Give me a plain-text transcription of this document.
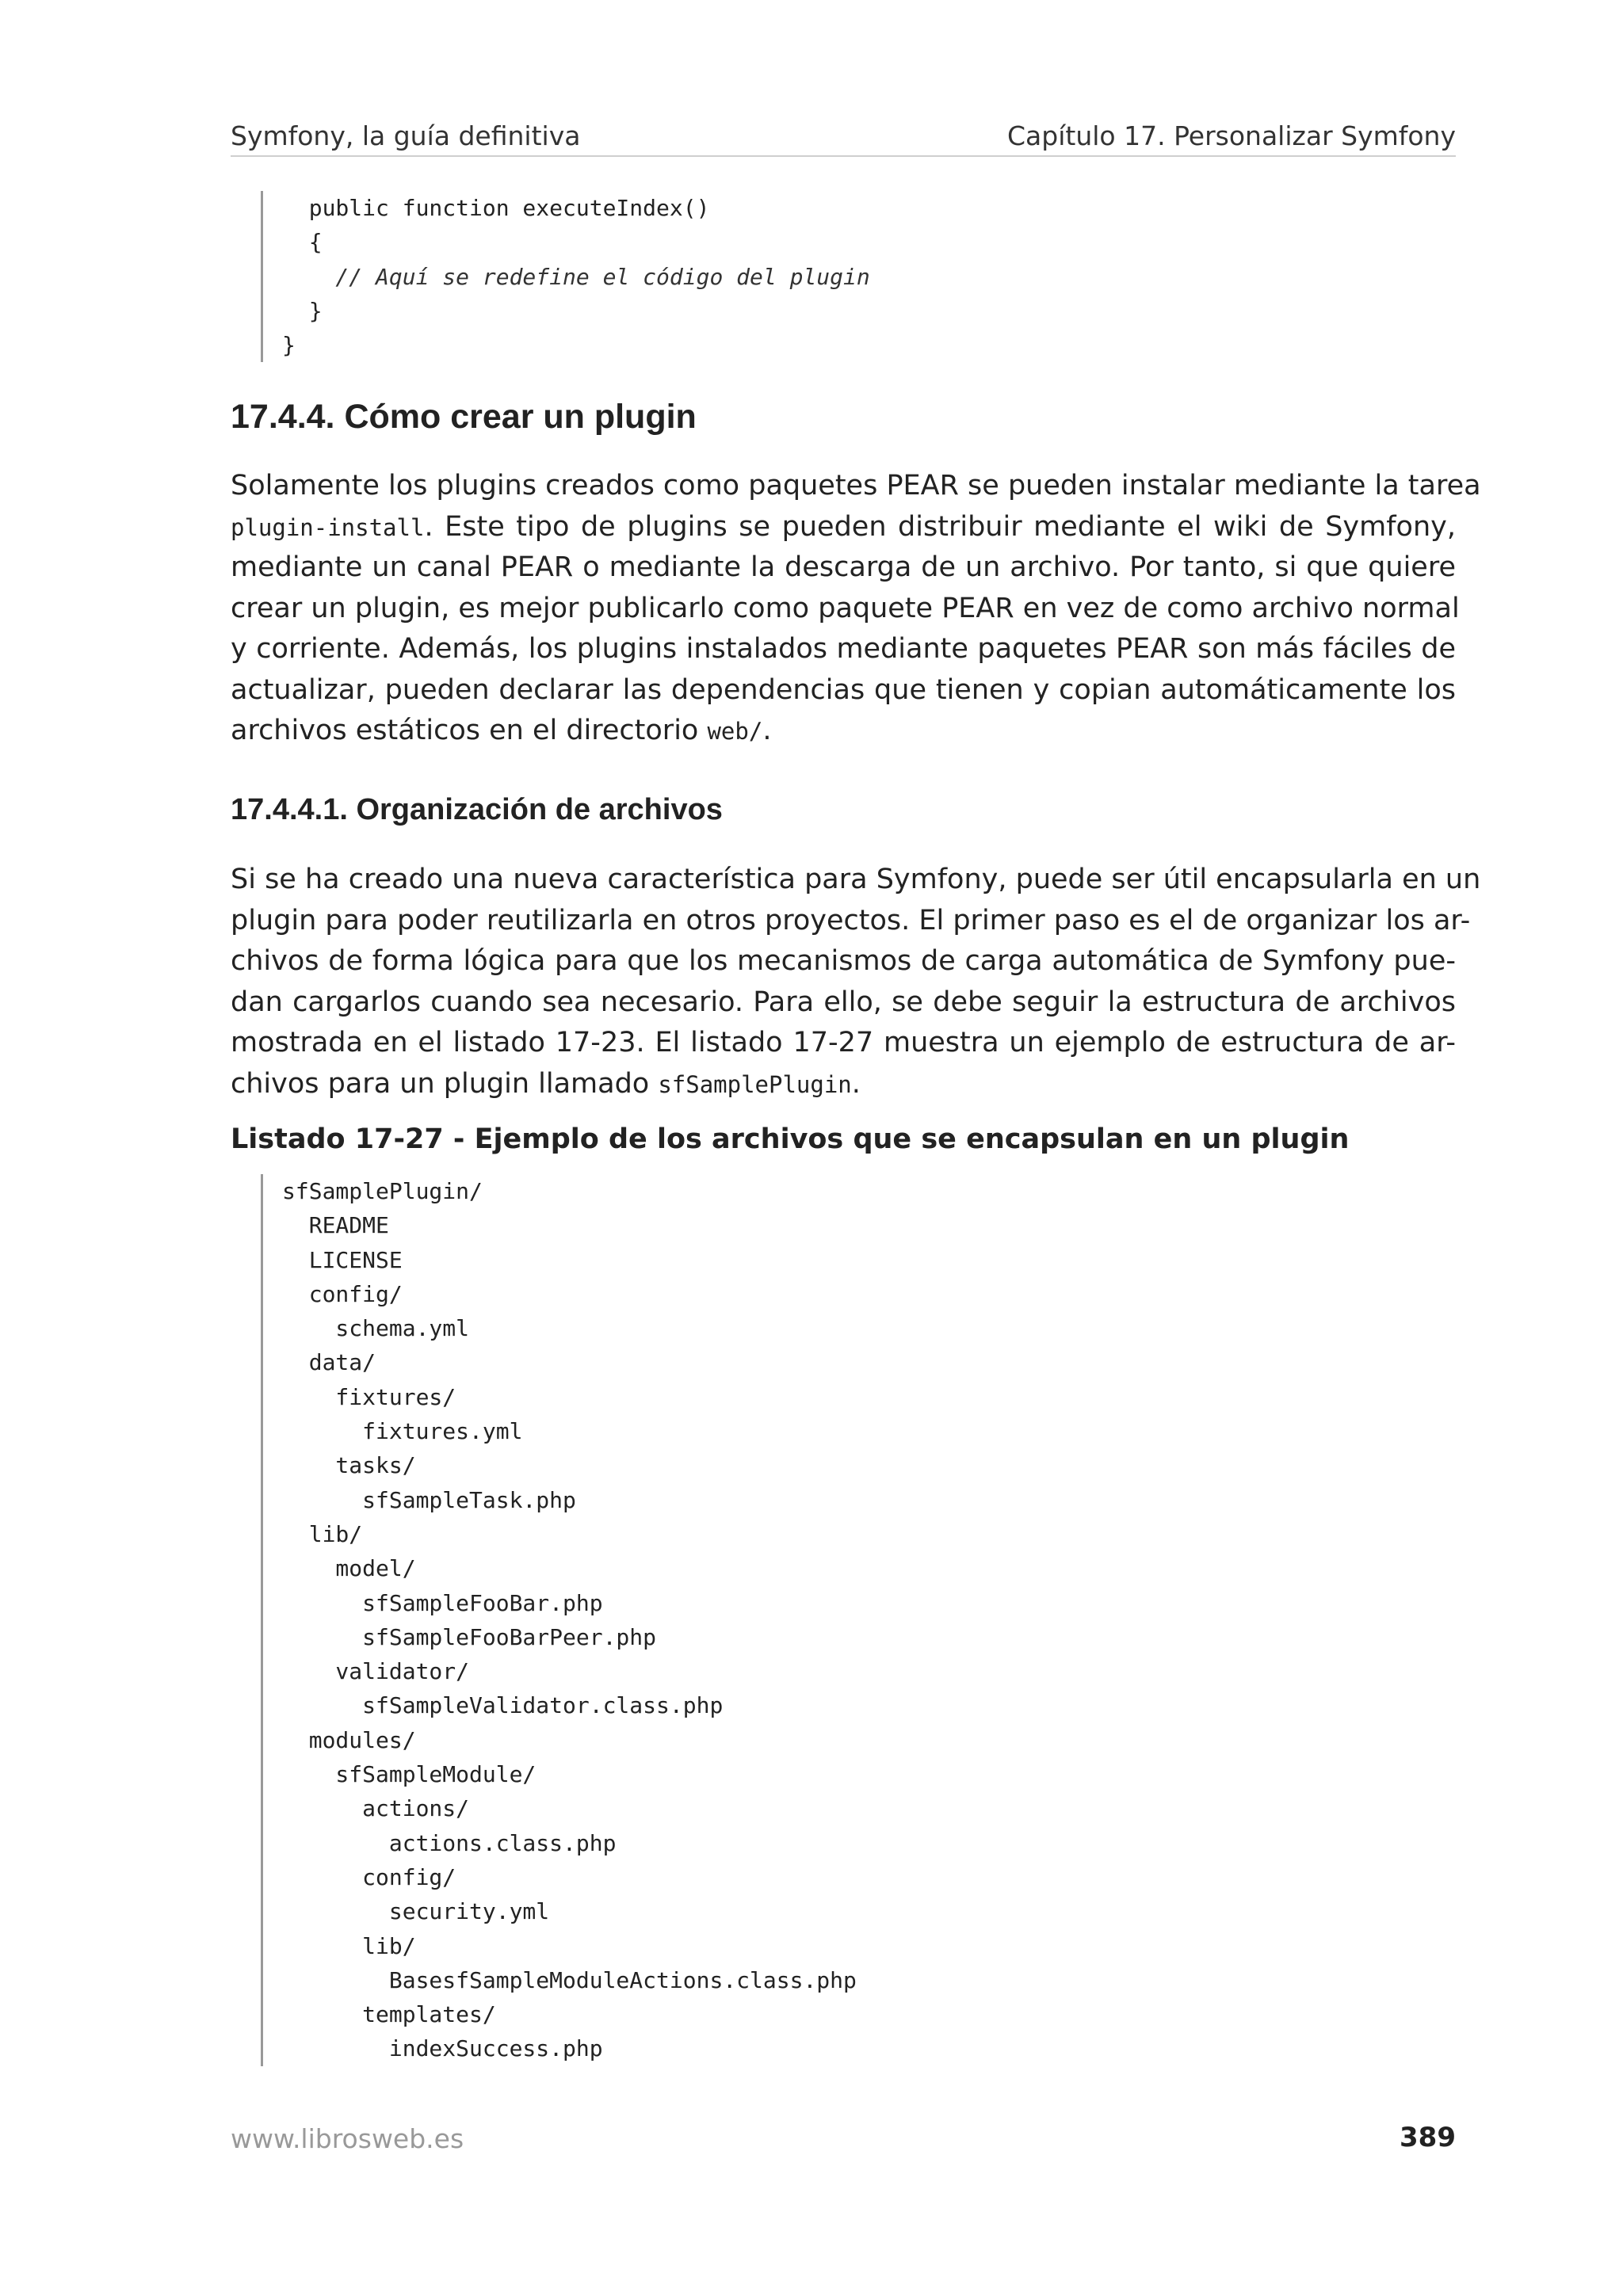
Symfony, la guía definitiva	Capítulo 17. Personalizar Symfony
public function executeIndex()
{
// Aquí se redefine el código del plugin
}
}
17.4.4. Cómo crear un plugin
Solamente los plugins creados como paquetes PEAR se pueden instalar mediante la tarea
plugin-install. Este tipo de plugins se pueden distribuir mediante el wiki de Symfony,
mediante un canal PEAR o mediante la descarga de un archivo. Por tanto, si que quiere
crear un plugin, es mejor publicarlo como paquete PEAR en vez de como archivo normal
y corriente. Además, los plugins instalados mediante paquetes PEAR son más fáciles de
actualizar, pueden declarar las dependencias que tienen y copian automáticamente los
archivos estáticos en el directorio web/.
17.4.4.1. Organización de archivos
Si se ha creado una nueva característica para Symfony, puede ser útil encapsularla en un
plugin para poder reutilizarla en otros proyectos. El primer paso es el de organizar los ar-
chivos de forma lógica para que los mecanismos de carga automática de Symfony pue-
dan cargarlos cuando sea necesario. Para ello, se debe seguir la estructura de archivos
mostrada en el listado 17-23. El listado 17-27 muestra un ejemplo de estructura de ar-
chivos para un plugin llamado sfSamplePlugin.
Listado 17-27 - Ejemplo de los archivos que se encapsulan en un plugin
sfSamplePlugin/
README
LICENSE
config/
schema.yml
data/
fixtures/
fixtures.yml
tasks/
sfSampleTask.php
lib/
model/
sfSampleFooBar.php
sfSampleFooBarPeer.php
validator/
sfSampleValidator.class.php
modules/
sfSampleModule/
actions/
actions.class.php
config/
security.yml
lib/
BasesfSampleModuleActions.class.php
templates/
indexSuccess.php
www.librosweb.es	389
